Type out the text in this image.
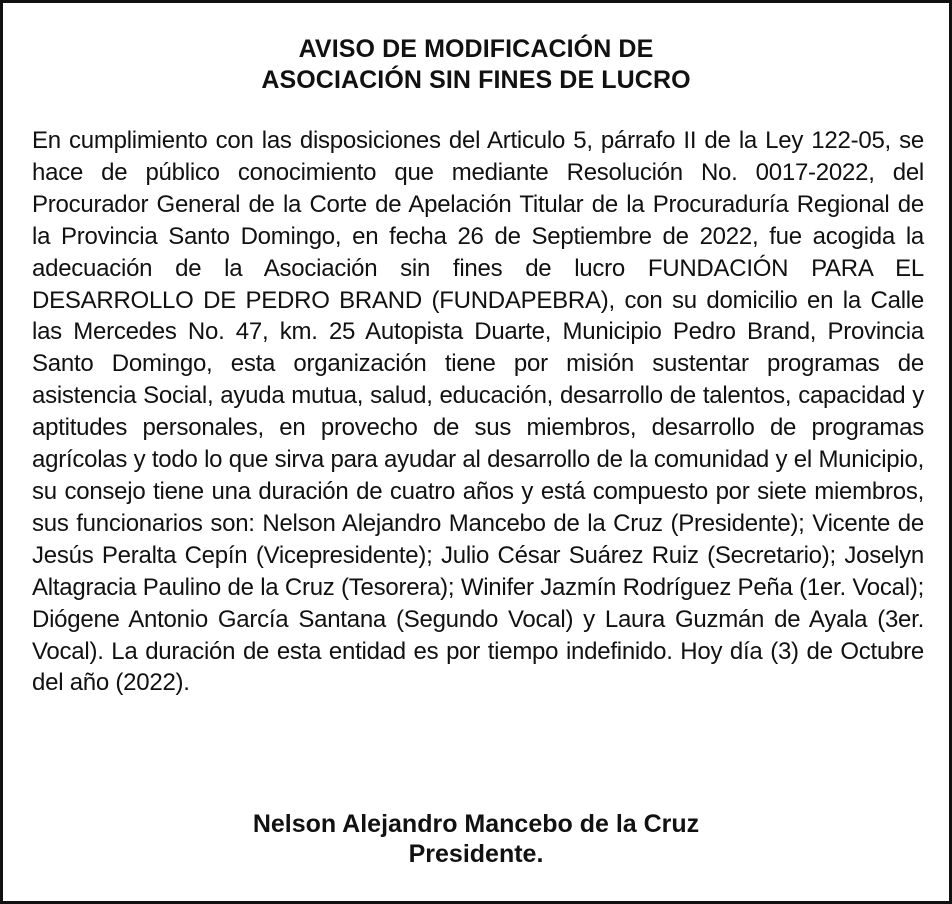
AVISO DE MODIFICACIÓN DE
ASOCIACIÓN SIN FINES DE LUCRO

En cumplimiento con las disposiciones del Articulo 5, párrafo II de la Ley 122-05, se hace de público conocimiento que mediante Resolución No. 0017-2022, del Procurador General de la Corte de Apelación Titular de la Procuraduría Regional de la Provincia Santo Domingo, en fecha 26 de Septiembre de 2022, fue acogida la adecuación de la Asociación sin fines de lucro FUNDACIÓN PARA EL DESARROLLO DE PEDRO BRAND (FUNDAPEBRA), con su domicilio en la Calle las Mercedes No. 47, km. 25 Autopista Duarte, Municipio Pedro Brand, Provincia Santo Domingo, esta organización tiene por misión sustentar programas de asistencia Social, ayuda mutua, salud, educación, desarrollo de talentos, capacidad y aptitudes personales, en provecho de sus miembros, desarrollo de programas agrícolas y todo lo que sirva para ayudar al desarrollo de la comunidad y el Municipio, su consejo tiene una duración de cuatro años y está compuesto por siete miembros, sus funcionarios son: Nelson Alejandro Mancebo de la Cruz (Presidente); Vicente de Jesús Peralta Cepín (Vicepresidente); Julio César Suárez Ruiz (Secretario); Joselyn Altagracia Paulino de la Cruz (Tesorera); Winifer Jazmín Rodríguez Peña (1er. Vocal); Diógene Antonio García Santana (Segundo Vocal) y Laura Guzmán de Ayala (3er. Vocal). La duración de esta entidad es por tiempo indefinido. Hoy día (3) de Octubre del año (2022).

Nelson Alejandro Mancebo de la Cruz
Presidente.
